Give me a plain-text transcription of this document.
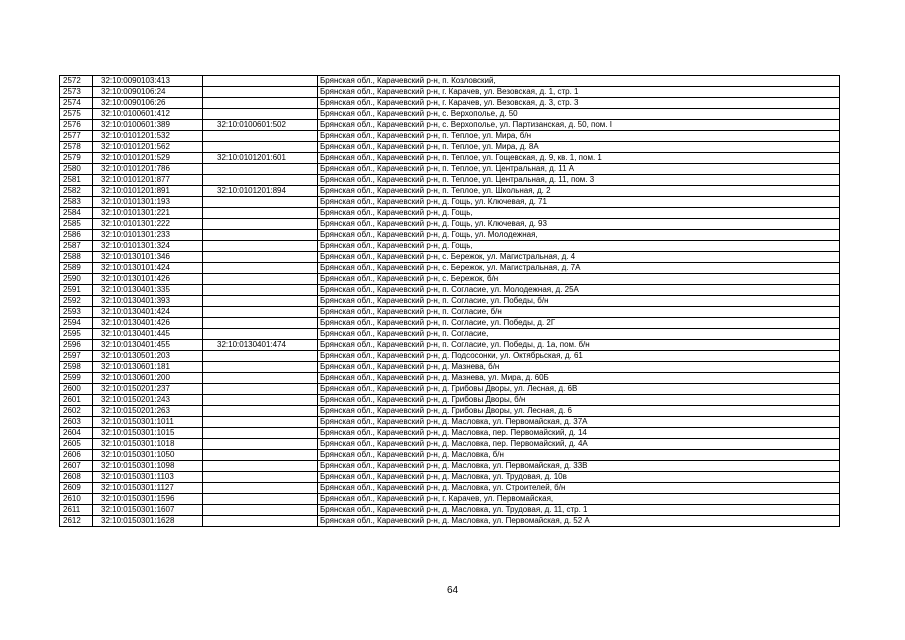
2572	32:10:0090103:413		Брянская обл., Карачевский р-н, п. Козловский,
2573	32:10:0090106:24		Брянская обл., Карачевский р-н, г. Карачев, ул. Везовская, д. 1, стр. 1
2574	32:10:0090106:26		Брянская обл., Карачевский р-н, г. Карачев, ул. Везовская, д. 3, стр. 3
2575	32:10:0100601:412		Брянская обл., Карачевский р-н, с. Верхополье, д. 50
2576	32:10:0100601:389	32:10:0100601:502	Брянская обл., Карачевский р-н, с. Верхополье, ул. Партизанская, д. 50, пом. I
2577	32:10:0101201:532		Брянская обл., Карачевский р-н, п. Теплое, ул. Мира, б/н
2578	32:10:0101201:562		Брянская обл., Карачевский р-н, п. Теплое, ул. Мира, д. 8А
2579	32:10:0101201:529	32:10:0101201:601	Брянская обл., Карачевский р-н, п. Теплое, ул. Гощевская, д. 9, кв. 1, пом. 1
2580	32:10:0101201:786		Брянская обл., Карачевский р-н, п. Теплое, ул. Центральная, д. 11 А
2581	32:10:0101201:877		Брянская обл., Карачевский р-н, п. Теплое, ул. Центральная, д. 11, пом. 3
2582	32:10:0101201:891	32:10:0101201:894	Брянская обл., Карачевский р-н, п. Теплое, ул. Школьная, д. 2
2583	32:10:0101301:193		Брянская обл., Карачевский р-н, д. Гощь, ул. Ключевая, д. 71
2584	32:10:0101301:221		Брянская обл., Карачевский р-н, д. Гощь,
2585	32:10:0101301:222		Брянская обл., Карачевский р-н, д. Гощь, ул. Ключевая, д. 93
2586	32:10:0101301:233		Брянская обл., Карачевский р-н, д. Гощь, ул. Молодежная,
2587	32:10:0101301:324		Брянская обл., Карачевский р-н, д. Гощь,
2588	32:10:0130101:346		Брянская обл., Карачевский р-н, с. Бережок, ул. Магистральная, д. 4
2589	32:10:0130101:424		Брянская обл., Карачевский р-н, с. Бережок, ул. Магистральная, д. 7А
2590	32:10:0130101:426		Брянская обл., Карачевский р-н, с. Бережок, б/н
2591	32:10:0130401:335		Брянская обл., Карачевский р-н, п. Согласие, ул. Молодежная, д. 25А
2592	32:10:0130401:393		Брянская обл., Карачевский р-н, п. Согласие, ул. Победы, б/н
2593	32:10:0130401:424		Брянская обл., Карачевский р-н, п. Согласие, б/н
2594	32:10:0130401:426		Брянская обл., Карачевский р-н, п. Согласие, ул. Победы, д. 2Г
2595	32:10:0130401:445		Брянская обл., Карачевский р-н, п. Согласие,
2596	32:10:0130401:455	32:10:0130401:474	Брянская обл., Карачевский р-н, п. Согласие, ул. Победы, д. 1а, пом. б/н
2597	32:10:0130501:203		Брянская обл., Карачевский р-н, д. Подсосонки, ул. Октябрьская, д. 61
2598	32:10:0130601:181		Брянская обл., Карачевский р-н, д. Мазнева, б/н
2599	32:10:0130601:200		Брянская обл., Карачевский р-н, д. Мазнева, ул. Мира, д. 60Б
2600	32:10:0150201:237		Брянская обл., Карачевский р-н, д. Грибовы Дворы, ул. Лесная, д. 6В
2601	32:10:0150201:243		Брянская обл., Карачевский р-н, д. Грибовы Дворы, б/н
2602	32:10:0150201:263		Брянская обл., Карачевский р-н, д. Грибовы Дворы, ул. Лесная, д. 6
2603	32:10:0150301:1011		Брянская обл., Карачевский р-н, д. Масловка, ул. Первомайская, д. 37А
2604	32:10:0150301:1015		Брянская обл., Карачевский р-н, д. Масловка, пер. Первомайский, д. 14
2605	32:10:0150301:1018		Брянская обл., Карачевский р-н, д. Масловка, пер. Первомайский, д. 4А
2606	32:10:0150301:1050		Брянская обл., Карачевский р-н, д. Масловка, б/н
2607	32:10:0150301:1098		Брянская обл., Карачевский р-н, д. Масловка, ул. Первомайская, д. 33В
2608	32:10:0150301:1103		Брянская обл., Карачевский р-н, д. Масловка, ул. Трудовая, д. 10в
2609	32:10:0150301:1127		Брянская обл., Карачевский р-н, д. Масловка, ул. Строителей, б/н
2610	32:10:0150301:1596		Брянская обл., Карачевский р-н, г. Карачев, ул. Первомайская,
2611	32:10:0150301:1607		Брянская обл., Карачевский р-н, д. Масловка, ул. Трудовая, д. 11, стр. 1
2612	32:10:0150301:1628		Брянская обл., Карачевский р-н, д. Масловка, ул. Первомайская, д. 52 А
64
